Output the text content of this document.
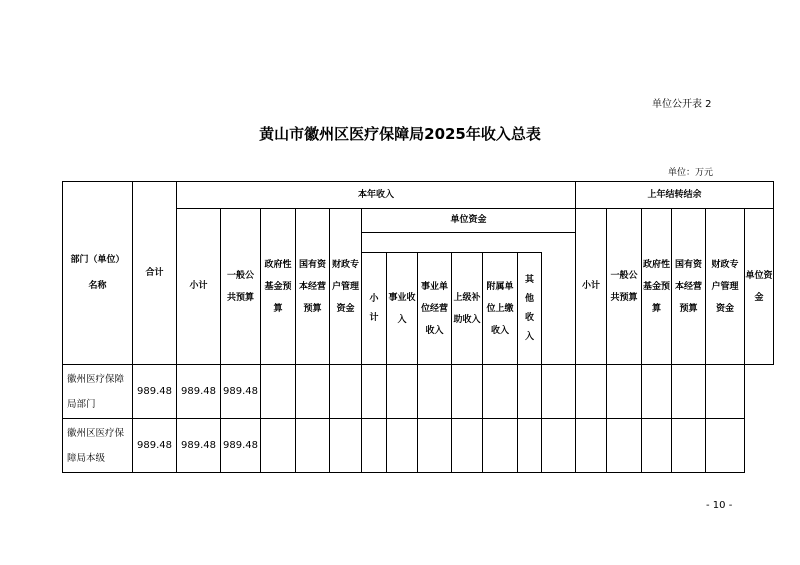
单位公开表 2
黄山市徽州区医疗保障局2025年收入总表
单位：万元
部门（单位）名称	合计	本年收入												上年结转结余					
		小计	一般公共预算	政府性基金预算	国有资本经营预算	财政专户管理资金	单位资金							小计	一般公共预算	政府性基金预算	国有资本经营预算	财政专户管理资金	单位资金

							小计	事业收入	事业单位经营收入	上级补助收入	附属单位上缴收入	其他收入							
徽州医疗保障局部门	989.48	989.48	989.48																
徽州区医疗保障局本级	989.48	989.48	989.48																
- 10 -
